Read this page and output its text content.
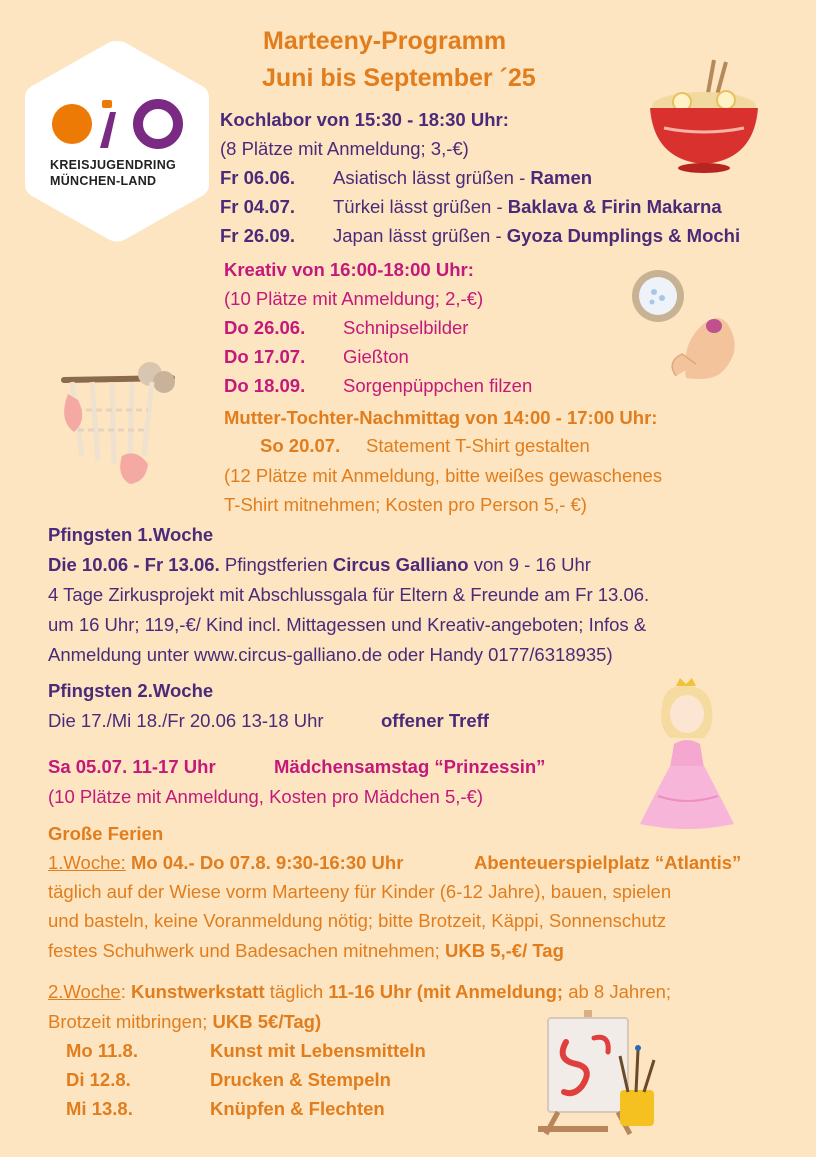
Marteeny-Programm
Juni bis September ´25
KREISJUGENDRING
MÜNCHEN-LAND
Kochlabor von 15:30 - 18:30 Uhr:
(8 Plätze mit Anmeldung; 3,-€)
Fr 06.06. Asiatisch lässt grüßen - Ramen
Fr 04.07. Türkei lässt grüßen - Baklava & Firin Makarna
Fr 26.09. Japan lässt grüßen - Gyoza Dumplings & Mochi
Kreativ von 16:00-18:00 Uhr:
(10 Plätze mit Anmeldung; 2,-€)
Do 26.06. Schnipselbilder
Do 17.07. Gießton
Do 18.09. Sorgenpüppchen filzen
Mutter-Tochter-Nachmittag von 14:00 - 17:00 Uhr:
So 20.07. Statement T-Shirt gestalten
(12 Plätze mit Anmeldung, bitte weißes gewaschenes
T-Shirt mitnehmen; Kosten pro Person 5,- €)
Pfingsten 1.Woche
Die 10.06 - Fr 13.06. Pfingstferien Circus Galliano von 9 - 16 Uhr
4 Tage Zirkusprojekt mit Abschlussgala für Eltern & Freunde am Fr 13.06.
um 16 Uhr; 119,-€/ Kind incl. Mittagessen und Kreativ-angeboten; Infos &
Anmeldung unter www.circus-galliano.de oder Handy 0177/6318935)
Pfingsten 2.Woche
Die 17./Mi 18./Fr 20.06 13-18 Uhr	offener Treff
Sa 05.07. 11-17 Uhr	Mädchensamstag “Prinzessin”
(10 Plätze mit Anmeldung, Kosten pro Mädchen 5,-€)
Große Ferien
1.Woche: Mo 04.- Do 07.8. 9:30-16:30 Uhr	Abenteuerspielplatz “Atlantis”
täglich auf der Wiese vorm Marteeny für Kinder (6-12 Jahre), bauen, spielen
und basteln, keine Voranmeldung nötig; bitte Brotzeit, Käppi, Sonnenschutz
festes Schuhwerk und Badesachen mitnehmen; UKB 5,-€/ Tag
2.Woche: Kunstwerkstatt täglich 11-16 Uhr (mit Anmeldung; ab 8 Jahren;
Brotzeit mitbringen; UKB 5€/Tag)
Mo 11.8.	Kunst mit Lebensmitteln
Di 12.8.	Drucken & Stempeln
Mi 13.8.	Knüpfen & Flechten
